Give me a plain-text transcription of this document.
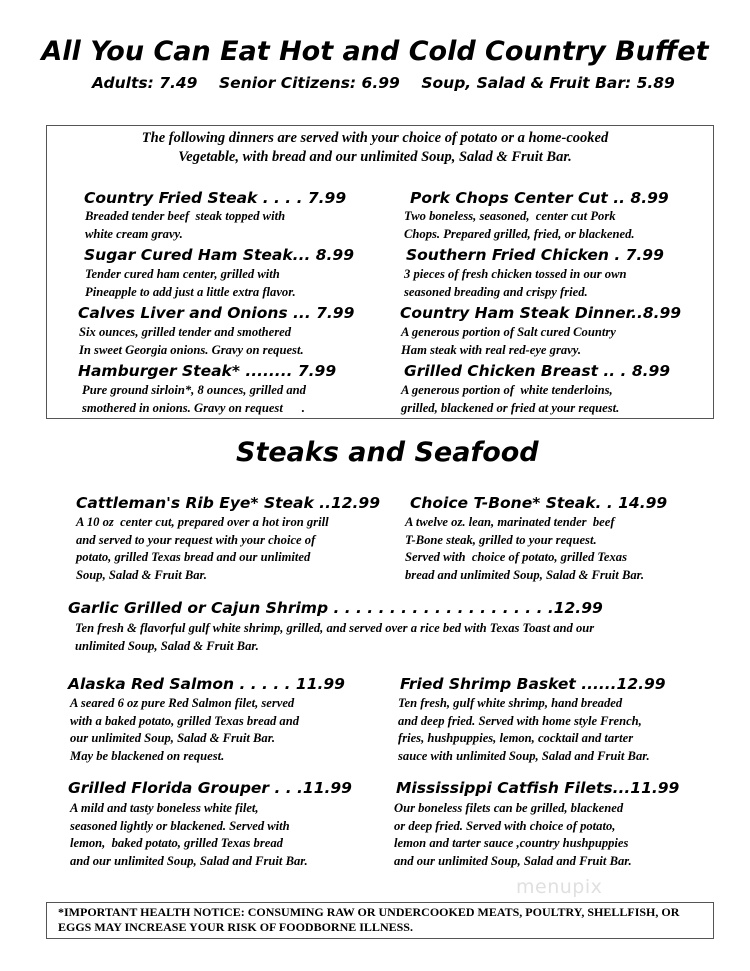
All You Can Eat Hot and Cold Country Buffet
Adults: 7.49    Senior Citizens: 6.99    Soup, Salad & Fruit Bar: 5.89
The following dinners are served with your choice of potato or a home-cooked
Vegetable, with bread and our unlimited Soup, Salad & Fruit Bar.
Country Fried Steak . . . . 7.99
Breaded tender beef  steak topped with
white cream gravy.
Sugar Cured Ham Steak... 8.99
Tender cured ham center, grilled with
Pineapple to add just a little extra flavor.
Calves Liver and Onions ... 7.99
Six ounces, grilled tender and smothered
In sweet Georgia onions. Gravy on request.
Hamburger Steak* ........ 7.99
Pure ground sirloin*, 8 ounces, grilled and
smothered in onions. Gravy on request      .
Pork Chops Center Cut .. 8.99
Two boneless, seasoned,  center cut Pork
Chops. Prepared grilled, fried, or blackened.
Southern Fried Chicken . 7.99
3 pieces of fresh chicken tossed in our own
seasoned breading and crispy fried.
Country Ham Steak Dinner..8.99
A generous portion of Salt cured Country
Ham steak with real red-eye gravy.
Grilled Chicken Breast .. . 8.99
A generous portion of  white tenderloins,
grilled, blackened or fried at your request.
Steaks and Seafood
Cattleman's Rib Eye* Steak ..12.99
A 10 oz  center cut, prepared over a hot iron grill
and served to your request with your choice of
potato, grilled Texas bread and our unlimited
Soup, Salad & Fruit Bar.
Choice T-Bone* Steak. . 14.99
A twelve oz. lean, marinated tender  beef
T-Bone steak, grilled to your request.
Served with  choice of potato, grilled Texas
bread and unlimited Soup, Salad & Fruit Bar.
Garlic Grilled or Cajun Shrimp . . . . . . . . . . . . . . . . . . . .12.99
Ten fresh & flavorful gulf white shrimp, grilled, and served over a rice bed with Texas Toast and our
unlimited Soup, Salad & Fruit Bar.
Alaska Red Salmon . . . . . 11.99
A seared 6 oz pure Red Salmon filet, served
with a baked potato, grilled Texas bread and
our unlimited Soup, Salad & Fruit Bar.
May be blackened on request.
Fried Shrimp Basket ......12.99
Ten fresh, gulf white shrimp, hand breaded
and deep fried. Served with home style French,
fries, hushpuppies, lemon, cocktail and tarter
sauce with unlimited Soup, Salad and Fruit Bar.
Grilled Florida Grouper . . .11.99
A mild and tasty boneless white filet,
seasoned lightly or blackened. Served with
lemon,  baked potato, grilled Texas bread
and our unlimited Soup, Salad and Fruit Bar.
Mississippi Catfish Filets...11.99
Our boneless filets can be grilled, blackened
or deep fried. Served with choice of potato,
lemon and tarter sauce ,country hushpuppies
and our unlimited Soup, Salad and Fruit Bar.
menupix
*IMPORTANT HEALTH NOTICE: CONSUMING RAW OR UNDERCOOKED MEATS, POULTRY, SHELLFISH, OR
EGGS MAY INCREASE YOUR RISK OF FOODBORNE ILLNESS.
